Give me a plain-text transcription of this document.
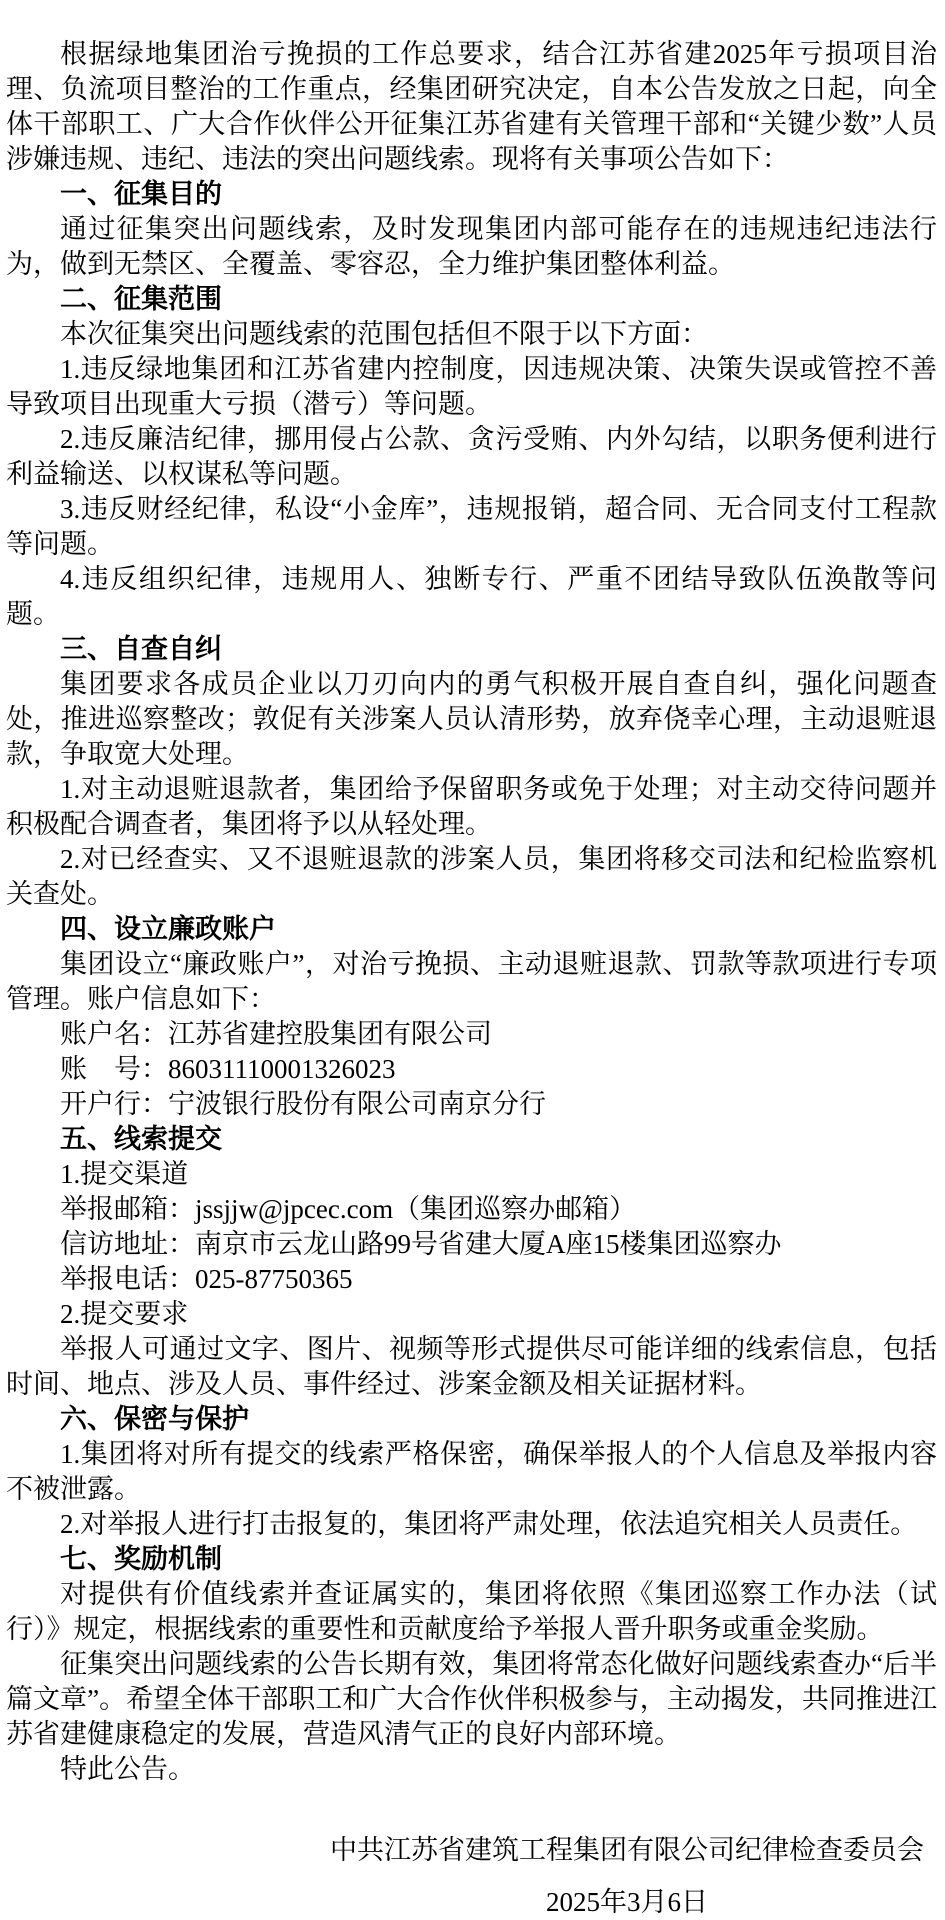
根据绿地集团治亏挽损的工作总要求，结合江苏省建2025年亏损项目治理、负流项目整治的工作重点，经集团研究决定，自本公告发放之日起，向全体干部职工、广大合作伙伴公开征集江苏省建有关管理干部和“关键少数”人员涉嫌违规、违纪、违法的突出问题线索。现将有关事项公告如下：

一、征集目的

通过征集突出问题线索，及时发现集团内部可能存在的违规违纪违法行为，做到无禁区、全覆盖、零容忍，全力维护集团整体利益。

二、征集范围

本次征集突出问题线索的范围包括但不限于以下方面：

1.违反绿地集团和江苏省建内控制度，因违规决策、决策失误或管控不善导致项目出现重大亏损（潜亏）等问题。

2.违反廉洁纪律，挪用侵占公款、贪污受贿、内外勾结，以职务便利进行利益输送、以权谋私等问题。

3.违反财经纪律，私设“小金库”，违规报销，超合同、无合同支付工程款等问题。

4.违反组织纪律，违规用人、独断专行、严重不团结导致队伍涣散等问题。

三、自查自纠

集团要求各成员企业以刀刃向内的勇气积极开展自查自纠，强化问题查处，推进巡察整改；敦促有关涉案人员认清形势，放弃侥幸心理，主动退赃退款，争取宽大处理。

1.对主动退赃退款者，集团给予保留职务或免于处理；对主动交待问题并积极配合调查者，集团将予以从轻处理。

2.对已经查实、又不退赃退款的涉案人员，集团将移交司法和纪检监察机关查处。

四、设立廉政账户

集团设立“廉政账户”，对治亏挽损、主动退赃退款、罚款等款项进行专项管理。账户信息如下：

账户名：江苏省建控股集团有限公司

账　号：86031110001326023

开户行：宁波银行股份有限公司南京分行

五、线索提交

1.提交渠道

举报邮箱：jssjjw@jpcec.com（集团巡察办邮箱）

信访地址：南京市云龙山路99号省建大厦A座15楼集团巡察办

举报电话：025-87750365

2.提交要求

举报人可通过文字、图片、视频等形式提供尽可能详细的线索信息，包括时间、地点、涉及人员、事件经过、涉案金额及相关证据材料。

六、保密与保护

1.集团将对所有提交的线索严格保密，确保举报人的个人信息及举报内容不被泄露。

2.对举报人进行打击报复的，集团将严肃处理，依法追究相关人员责任。

七、奖励机制

对提供有价值线索并查证属实的，集团将依照《集团巡察工作办法（试行）》规定，根据线索的重要性和贡献度给予举报人晋升职务或重金奖励。

征集突出问题线索的公告长期有效，集团将常态化做好问题线索查办“后半篇文章”。希望全体干部职工和广大合作伙伴积极参与，主动揭发，共同推进江苏省建健康稳定的发展，营造风清气正的良好内部环境。

特此公告。

中共江苏省建筑工程集团有限公司纪律检查委员会
2025年3月6日
